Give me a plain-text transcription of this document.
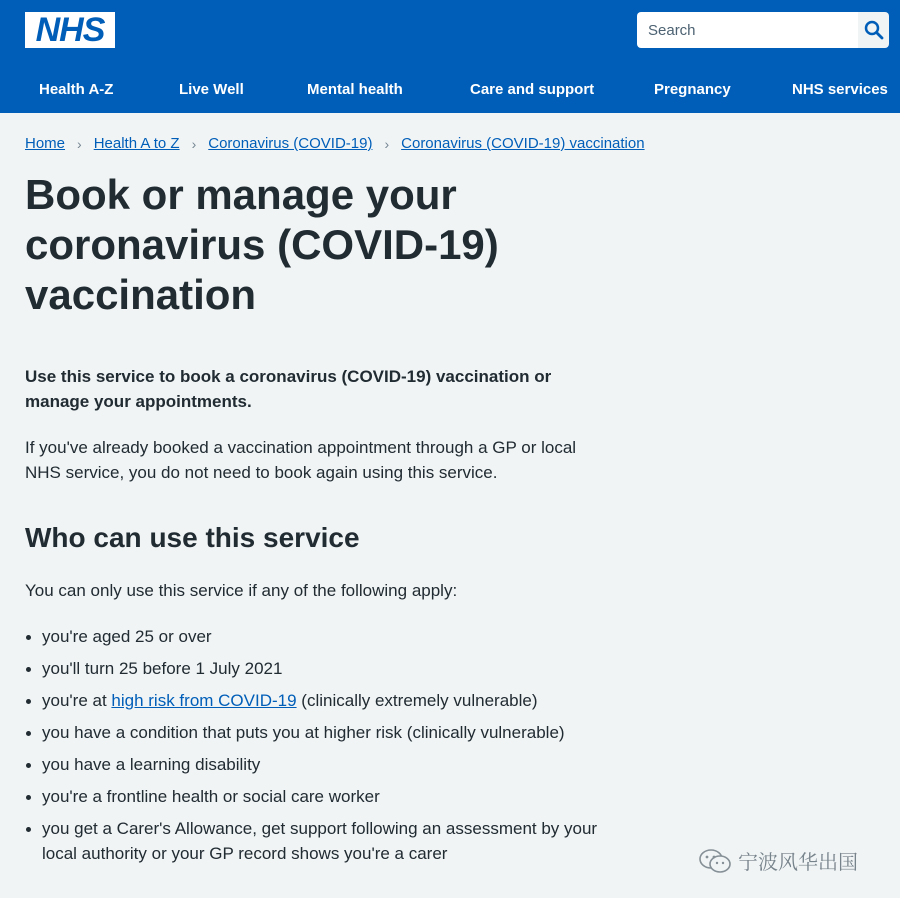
NHS
Search
Health A-Z	Live Well	Mental health	Care and support	Pregnancy	NHS services
Home › Health A to Z › Coronavirus (COVID-19) › Coronavirus (COVID-19) vaccination
Book or manage your coronavirus (COVID-19) vaccination

Use this service to book a coronavirus (COVID-19) vaccination or manage your appointments.

If you've already booked a vaccination appointment through a GP or local NHS service, you do not need to book again using this service.

Who can use this service

You can only use this service if any of the following apply:

you're aged 25 or over
you'll turn 25 before 1 July 2021
you're at high risk from COVID-19 (clinically extremely vulnerable)
you have a condition that puts you at higher risk (clinically vulnerable)
you have a learning disability
you're a frontline health or social care worker
you get a Carer's Allowance, get support following an assessment by your local authority or your GP record shows you're a carer	宁波风华出国
